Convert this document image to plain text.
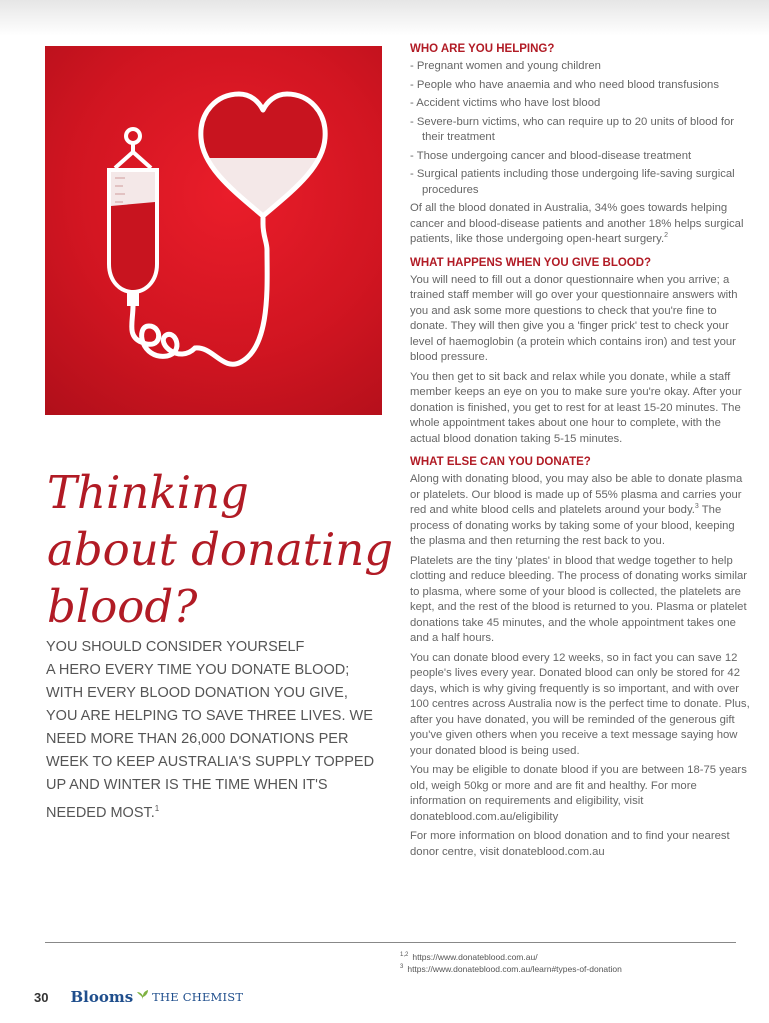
Thinking
about donating
blood?
YOU SHOULD CONSIDER YOURSELF
A HERO EVERY TIME YOU DONATE BLOOD;
WITH EVERY BLOOD DONATION YOU GIVE,
YOU ARE HELPING TO SAVE THREE LIVES. WE
NEED MORE THAN 26,000 DONATIONS PER
WEEK TO KEEP AUSTRALIA'S SUPPLY TOPPED
UP AND WINTER IS THE TIME WHEN IT'S
NEEDED MOST.$^1$
WHO ARE YOU HELPING?
- Pregnant women and young children
- People who have anaemia and who need blood transfusions
- Accident victims who have lost blood
- Severe-burn victims, who can require up to 20 units of blood for their treatment
- Those undergoing cancer and blood-disease treatment
- Surgical patients including those undergoing life-saving surgical procedures

Of all the blood donated in Australia, 34% goes towards helping cancer and blood-disease patients and another 18% helps surgical patients, like those undergoing open-heart surgery.$^2$

WHAT HAPPENS WHEN YOU GIVE BLOOD?

You will need to fill out a donor questionnaire when you arrive; a trained staff member will go over your questionnaire answers with you and ask some more questions to check that you're fine to donate. They will then give you a 'finger prick' test to check your level of haemoglobin (a protein which contains iron) and test your blood pressure.

You then get to sit back and relax while you donate, while a staff member keeps an eye on you to make sure you're okay. After your donation is finished, you get to rest for at least 15-20 minutes. The whole appointment takes about one hour to complete, with the actual blood donation taking 5-15 minutes.

WHAT ELSE CAN YOU DONATE?

Along with donating blood, you may also be able to donate plasma or platelets. Our blood is made up of 55% plasma and carries your red and white blood cells and platelets around your body.$^3$ The process of donating works by taking some of your blood, keeping the plasma and then returning the rest back to you.

Platelets are the tiny 'plates' in blood that wedge together to help clotting and reduce bleeding. The process of donating works similar to plasma, where some of your blood is collected, the platelets are kept, and the rest of the blood is returned to you. Plasma or platelet donations take 45 minutes, and the whole appointment takes one and a half hours.

You can donate blood every 12 weeks, so in fact you can save 12 people's lives every year. Donated blood can only be stored for 42 days, which is why giving frequently is so important, and with over 100 centres across Australia now is the perfect time to donate. Plus, after you have donated, you will be reminded of the generous gift you've given others when you receive a text message saying how your donated blood is being used.

You may be eligible to donate blood if you are between 18-75 years old, weigh 50kg or more and are fit and healthy. For more information on requirements and eligibility, visit donateblood.com.au/eligibility

For more information on blood donation and to find your nearest donor centre, visit donateblood.com.au

$^{1,2}$ https://www.donateblood.com.au/
$^3$ https://www.donateblood.com.au/learn#types-of-donation
30 Blooms THE CHEMIST
